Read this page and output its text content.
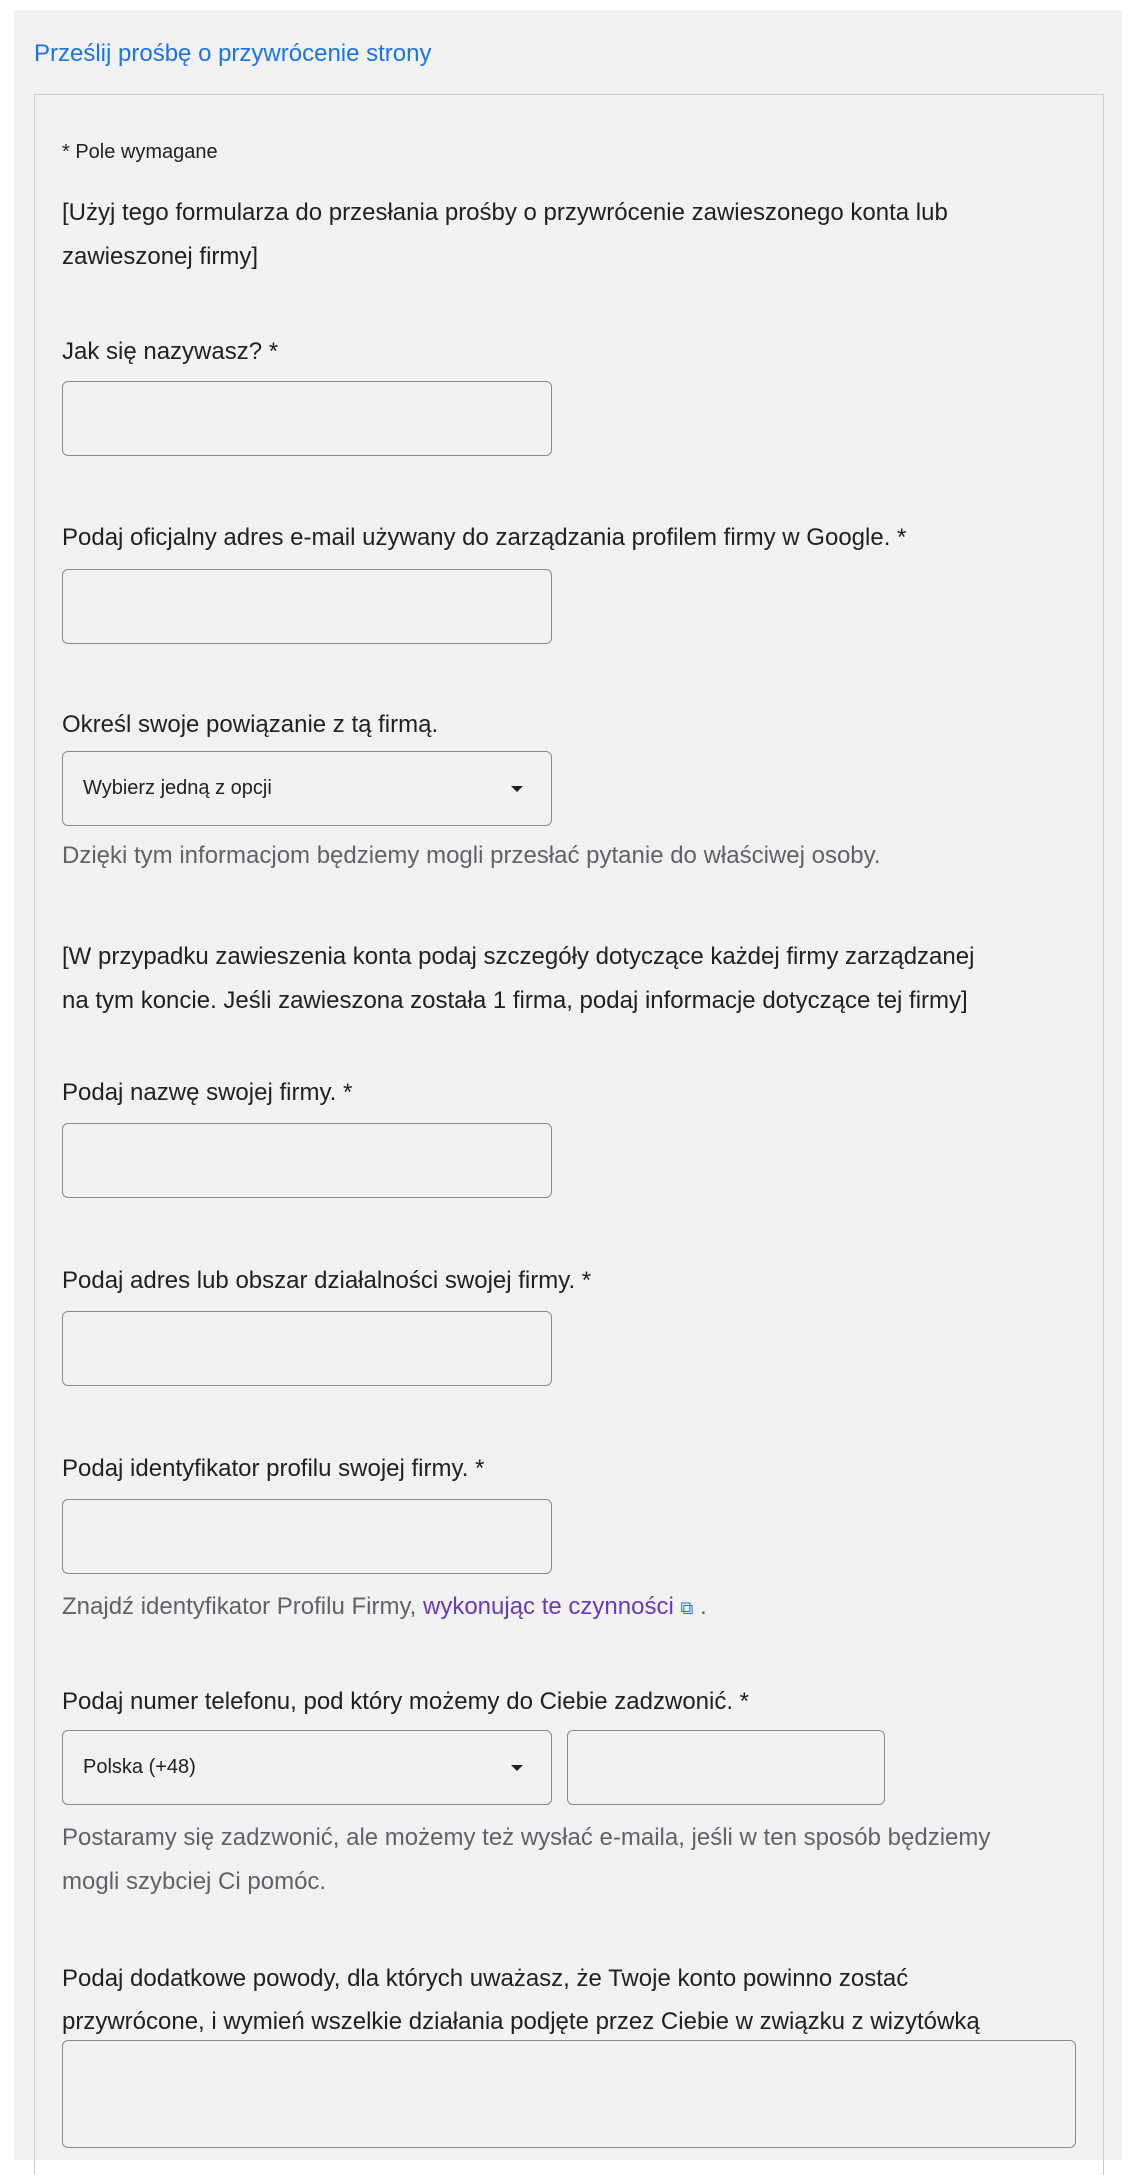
Prześlij prośbę o przywrócenie strony
* Pole wymagane
[Użyj tego formularza do przesłania prośby o przywrócenie zawieszonego konta lub
zawieszonej firmy]
Jak się nazywasz? *
Podaj oficjalny adres e-mail używany do zarządzania profilem firmy w Google. *
Określ swoje powiązanie z tą firmą.
Wybierz jedną z opcji
Dzięki tym informacjom będziemy mogli przesłać pytanie do właściwej osoby.
[W przypadku zawieszenia konta podaj szczegóły dotyczące każdej firmy zarządzanej
na tym koncie. Jeśli zawieszona została 1 firma, podaj informacje dotyczące tej firmy]
Podaj nazwę swojej firmy. *
Podaj adres lub obszar działalności swojej firmy. *
Podaj identyfikator profilu swojej firmy. *
Znajdź identyfikator Profilu Firmy, wykonując te czynności ⧉ .
Podaj numer telefonu, pod który możemy do Ciebie zadzwonić. *
Polska (+48)
Postaramy się zadzwonić, ale możemy też wysłać e-maila, jeśli w ten sposób będziemy
mogli szybciej Ci pomóc.
Podaj dodatkowe powody, dla których uważasz, że Twoje konto powinno zostać
przywrócone, i wymień wszelkie działania podjęte przez Ciebie w związku z wizytówką
